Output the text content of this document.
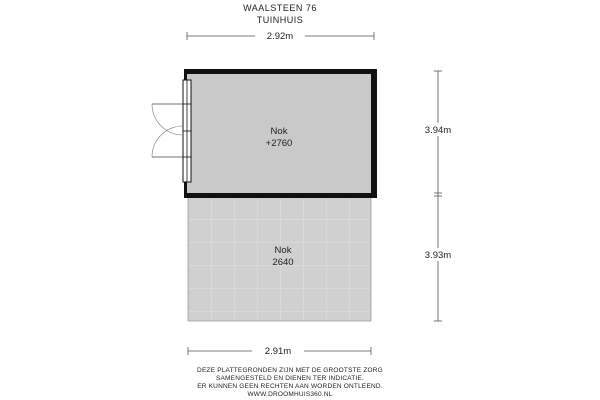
WAALSTEEN 76
TUINHUIS
2.92m
Nok
+2760
Nok
2640
3.94m
3.93m
2.91m
DEZE PLATTEGRONDEN ZIJN MET DE GROOTSTE ZORG
SAMENGESTELD EN DIENEN TER INDICATIE.
ER KUNNEN GEEN RECHTEN AAN WORDEN ONTLEEND.
WWW.DROOMHUIS360.NL
